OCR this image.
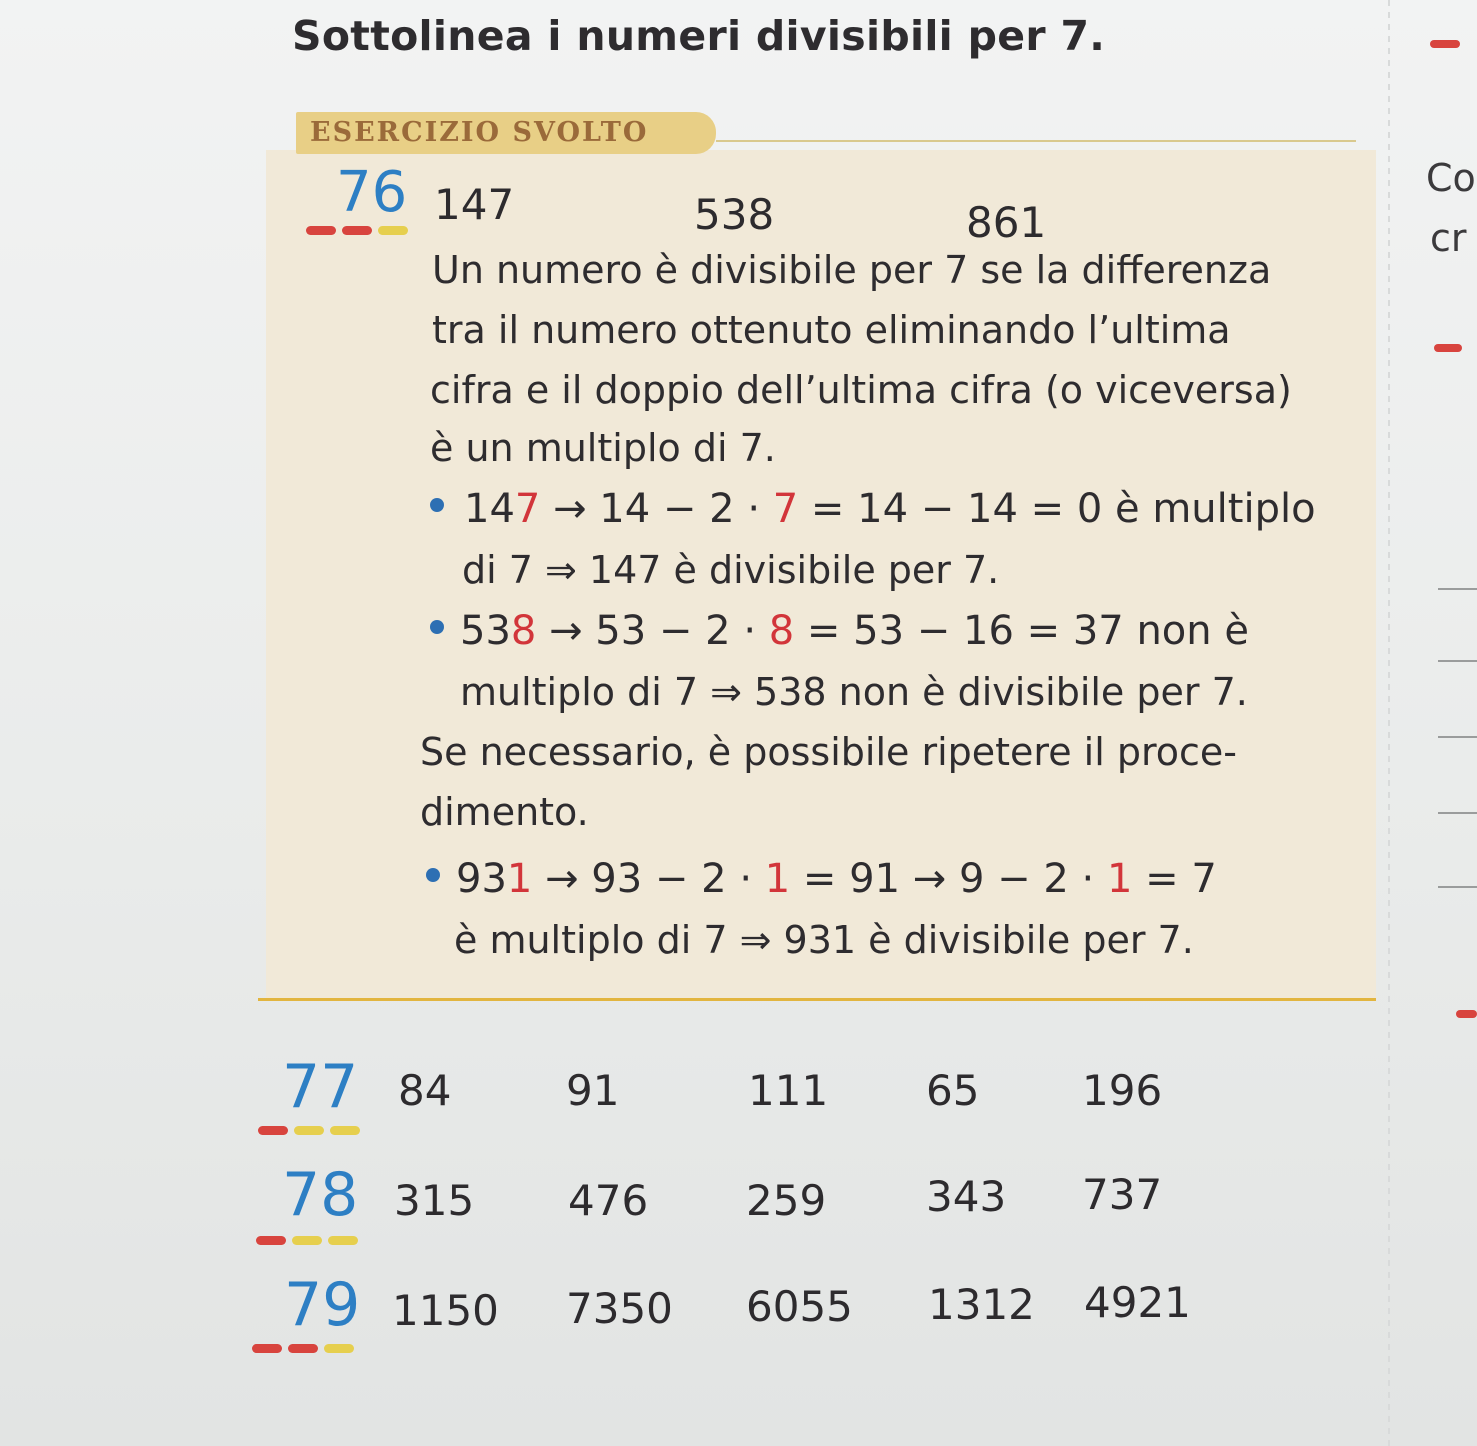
Sottolinea i numeri divisibili per 7.
ESERCIZIO SVOLTO
76 147	538	861
Un numero è divisibile per 7 se la differenza
tra il numero ottenuto eliminando l’ultima
cifra e il doppio dell’ultima cifra (o viceversa)
è un multiplo di 7.
147 → 14 − 2 · 7 = 14 − 14 = 0 è multiplo
di 7 ⇒ 147 è divisibile per 7.
538 → 53 − 2 · 8 = 53 − 16 = 37 non è
multiplo di 7 ⇒ 538 non è divisibile per 7.
Se necessario, è possibile ripetere il proce-
dimento.
931 → 93 − 2 · 1 = 91 → 9 − 2 · 1 = 7
è multiplo di 7 ⇒ 931 è divisibile per 7.
77 84	91	111 65 196
78 315 476 259 343 737
79 1150 7350 6055 1312 4921
Co
cr
